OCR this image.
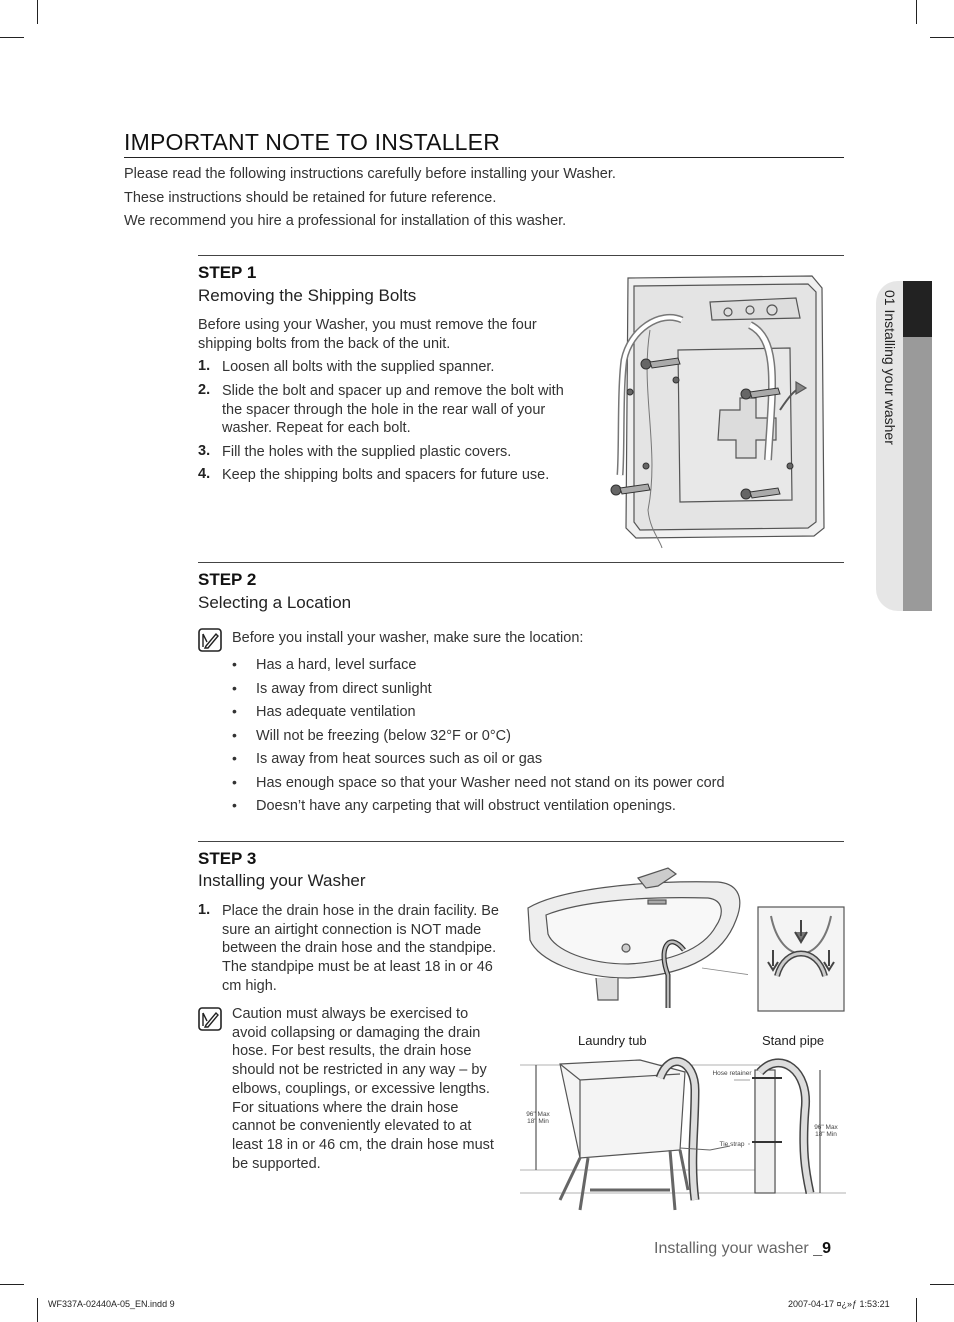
01 Installing your washer
IMPORTANT NOTE TO INSTALLER
Please read the following instructions carefully before installing your Washer.
These instructions should be retained for future reference.
We recommend you hire a professional for installation of this washer.
STEP 1
Removing the Shipping Bolts
Before using your Washer, you must remove the four
shipping bolts from the back of the unit.
1. Loosen all bolts with the supplied spanner.
2. Slide the bolt and spacer up and remove the bolt with
the spacer through the hole in the rear wall of your
washer. Repeat for each bolt.
3. Fill the holes with the supplied plastic covers.
4. Keep the shipping bolts and spacers for future use.
STEP 2
Selecting a Location
Before you install your washer, make sure the location:
• Has a hard, level surface
• Is away from direct sunlight
• Has adequate ventilation
• Will not be freezing (below 32°F or 0°C)
• Is away from heat sources such as oil or gas
• Has enough space so that your Washer need not stand on its power cord
• Doesn’t have any carpeting that will obstruct ventilation openings.
STEP 3
Installing your Washer
1. Place the drain hose in the drain facility. Be
sure an airtight connection is NOT made
between the drain hose and the standpipe.
The standpipe must be at least 18 in or 46
cm high.
Caution must always be exercised to
avoid collapsing or damaging the drain
hose. For best results, the drain hose
should not be restricted in any way – by
elbows, couplings, or excessive lengths.
For situations where the drain hose
cannot be conveniently elevated to at
least 18 in or 46 cm, the drain hose must
be supported.
Laundry tub	Stand pipe
Hose retainer
Tie strap
96" Max
18" Min
96" Max
18" Min
Installing your washer _9
WF337A-02440A-05_EN.indd 9	2007-04-17 ¤¿»ƒ 1:53:21
